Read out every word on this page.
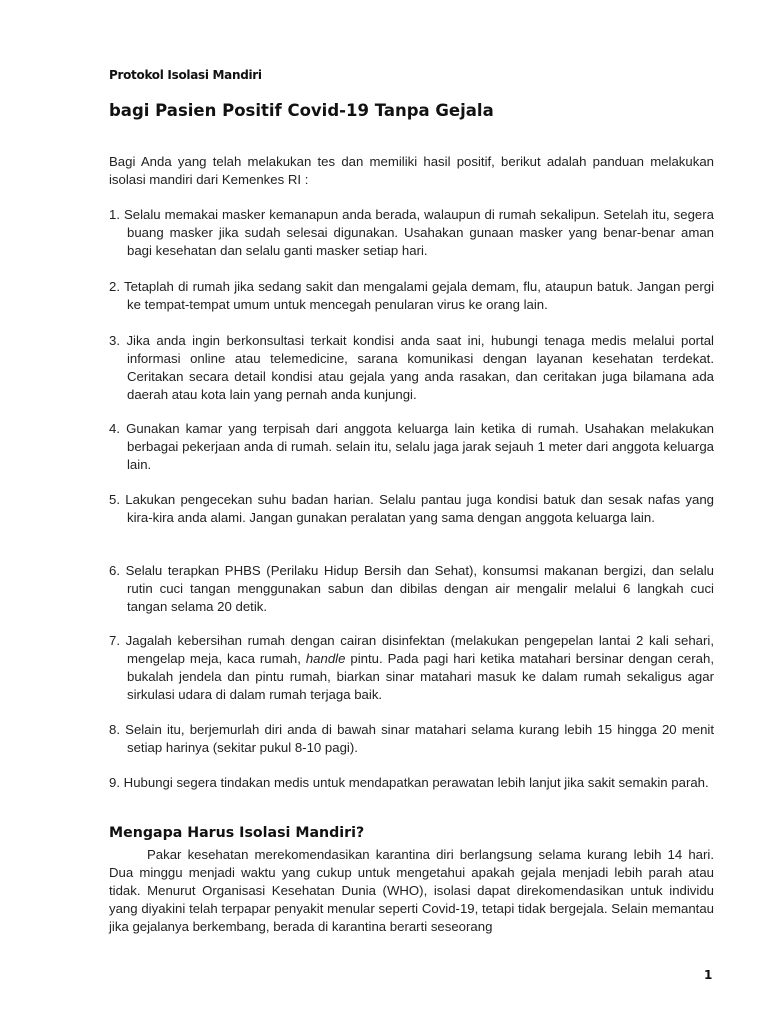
Protokol Isolasi Mandiri
bagi Pasien Positif Covid-19 Tanpa Gejala

Bagi Anda yang telah melakukan tes dan memiliki hasil positif, berikut adalah panduan melakukan isolasi mandiri dari Kemenkes RI :

1. Selalu memakai masker kemanapun anda berada, walaupun di rumah sekalipun. Setelah itu, segera buang masker jika sudah selesai digunakan. Usahakan gunaan masker yang benar-benar aman bagi kesehatan dan selalu ganti masker setiap hari.
2. Tetaplah di rumah jika sedang sakit dan mengalami gejala demam, flu, ataupun batuk. Jangan pergi ke tempat-tempat umum untuk mencegah penularan virus ke orang lain.
3. Jika anda ingin berkonsultasi terkait kondisi anda saat ini, hubungi tenaga medis melalui portal informasi online atau telemedicine, sarana komunikasi dengan layanan kesehatan terdekat. Ceritakan secara detail kondisi atau gejala yang anda rasakan, dan ceritakan juga bilamana ada daerah atau kota lain yang pernah anda kunjungi.
4. Gunakan kamar yang terpisah dari anggota keluarga lain ketika di rumah. Usahakan melakukan berbagai pekerjaan anda di rumah. selain itu, selalu jaga jarak sejauh 1 meter dari anggota keluarga lain.
5. Lakukan pengecekan suhu badan harian. Selalu pantau juga kondisi batuk dan sesak nafas yang kira-kira anda alami. Jangan gunakan peralatan yang sama dengan anggota keluarga lain.
6. Selalu terapkan PHBS (Perilaku Hidup Bersih dan Sehat), konsumsi makanan bergizi, dan selalu rutin cuci tangan menggunakan sabun dan dibilas dengan air mengalir melalui 6 langkah cuci tangan selama 20 detik.
7. Jagalah kebersihan rumah dengan cairan disinfektan (melakukan pengepelan lantai 2 kali sehari, mengelap meja, kaca rumah, handle pintu. Pada pagi hari ketika matahari bersinar dengan cerah, bukalah jendela dan pintu rumah, biarkan sinar matahari masuk ke dalam rumah sekaligus agar sirkulasi udara di dalam rumah terjaga baik.
8. Selain itu, berjemurlah diri anda di bawah sinar matahari selama kurang lebih 15 hingga 20 menit setiap harinya (sekitar pukul 8-10 pagi).
9. Hubungi segera tindakan medis untuk mendapatkan perawatan lebih lanjut jika sakit semakin parah.
Mengapa Harus Isolasi Mandiri?

Pakar kesehatan merekomendasikan karantina diri berlangsung selama kurang lebih 14 hari. Dua minggu menjadi waktu yang cukup untuk mengetahui apakah gejala menjadi lebih parah atau tidak. Menurut Organisasi Kesehatan Dunia (WHO), isolasi dapat direkomendasikan untuk individu yang diyakini telah terpapar penyakit menular seperti Covid-19, tetapi tidak bergejala. Selain memantau jika gejalanya berkembang, berada di karantina berarti seseorang

1
